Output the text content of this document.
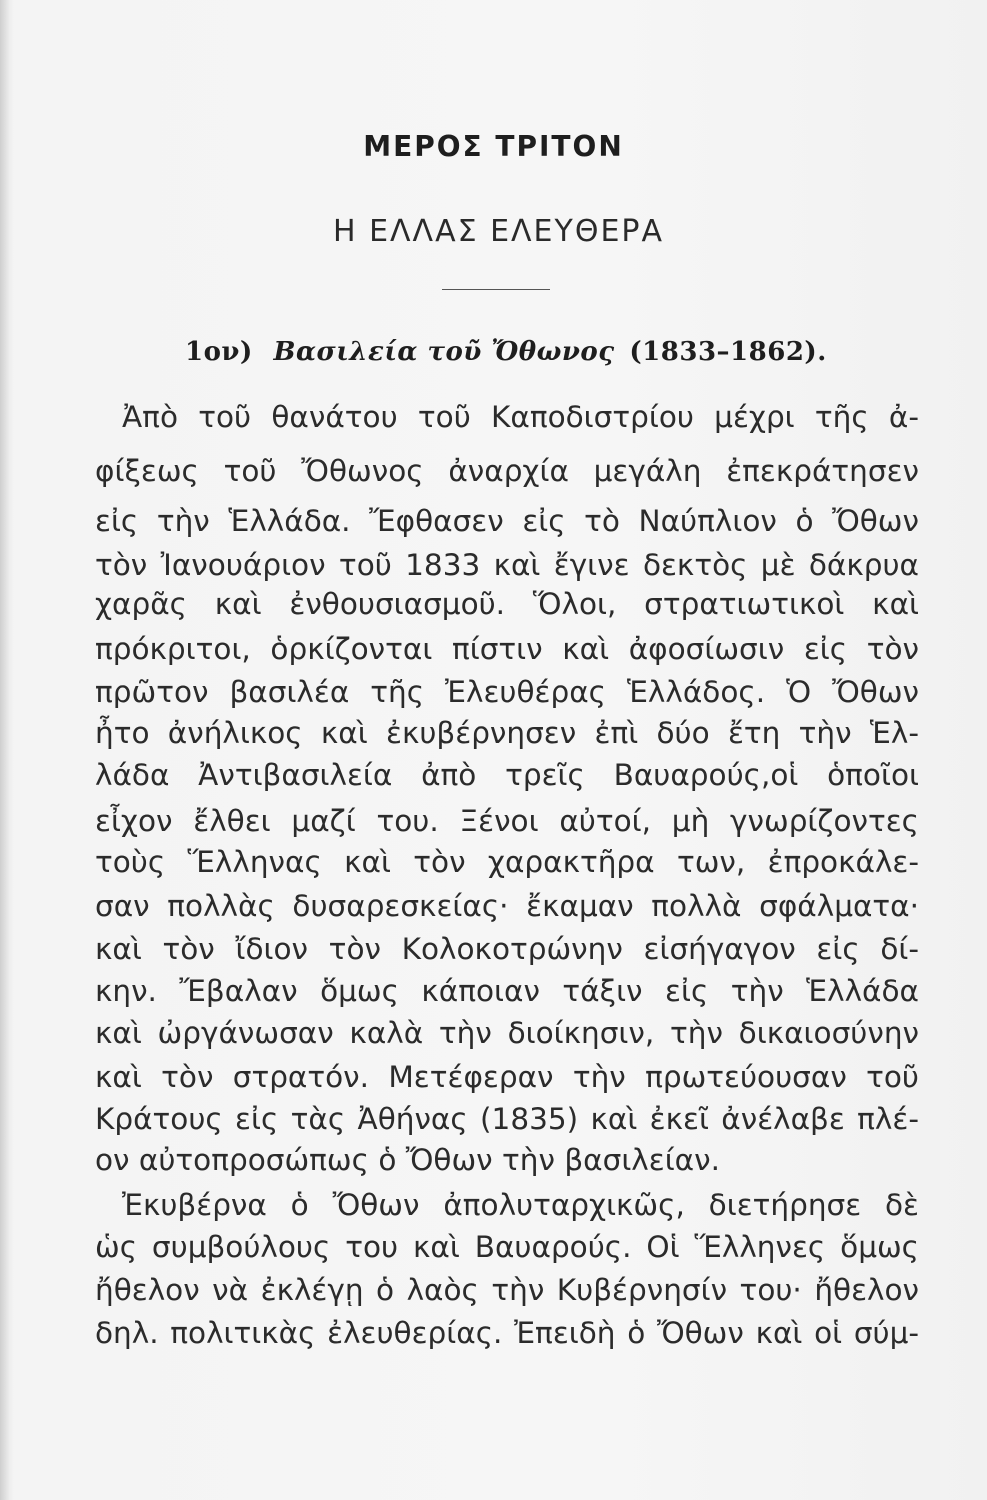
ΜΕΡΟΣ ΤΡΙΤΟΝ
Η ΕΛΛΑΣ ΕΛΕΥΘΕΡΑ
1ον) Βασιλεία τοῦ Ὄθωνος (1833–1862).
Ἀπὸ τοῦ θανάτου τοῦ Καποδιστρίου μέχρι τῆς ἀ-
φίξεως τοῦ Ὄθωνος ἀναρχία μεγάλη ἐπεκράτησεν
εἰς τὴν Ἑλλάδα. Ἔφθασεν εἰς τὸ Ναύπλιον ὁ Ὄθων
τὸν Ἰανουάριον τοῦ 1833 καὶ ἔγινε δεκτὸς μὲ δάκρυα
χαρᾶς καὶ ἐνθουσιασμοῦ. Ὅλοι, στρατιωτικοὶ καὶ
πρόκριτοι, ὁρκίζονται πίστιν καὶ ἀφοσίωσιν εἰς τὸν
πρῶτον βασιλέα τῆς Ἐλευθέρας Ἑλλάδος. Ὁ Ὄθων
ἦτο ἀνήλικος καὶ ἐκυβέρνησεν ἐπὶ δύο ἔτη τὴν Ἑλ-
λάδα Ἀντιβασιλεία ἀπὸ τρεῖς Βαυαρούς,οἱ ὁποῖοι
εἶχον ἔλθει μαζί του. Ξένοι αὐτοί, μὴ γνωρίζοντες
τοὺς Ἕλληνας καὶ τὸν χαρακτῆρα των, ἐπροκάλε-
σαν πολλὰς δυσαρεσκείας· ἔκαμαν πολλὰ σφάλματα·
καὶ τὸν ἴδιον τὸν Κολοκοτρώνην εἰσήγαγον εἰς δί-
κην. Ἔβαλαν ὅμως κάποιαν τάξιν εἰς τὴν Ἑλλάδα
καὶ ὠργάνωσαν καλὰ τὴν διοίκησιν, τὴν δικαιοσύνην
καὶ τὸν στρατόν. Μετέφεραν τὴν πρωτεύουσαν τοῦ
Κράτους εἰς τὰς Ἀθήνας (1835) καὶ ἐκεῖ ἀνέλαβε πλέ-
ον αὐτοπροσώπως ὁ Ὄθων τὴν βασιλείαν.
Ἐκυβέρνα ὁ Ὄθων ἀπολυταρχικῶς, διετήρησε δὲ
ὡς συμβούλους του καὶ Βαυαρούς. Οἱ Ἕλληνες ὅμως
ἤθελον νὰ ἐκλέγῃ ὁ λαὸς τὴν Κυβέρνησίν του· ἤθελον
δηλ. πολιτικὰς ἐλευθερίας. Ἐπειδὴ ὁ Ὄθων καὶ οἱ σύμ-
